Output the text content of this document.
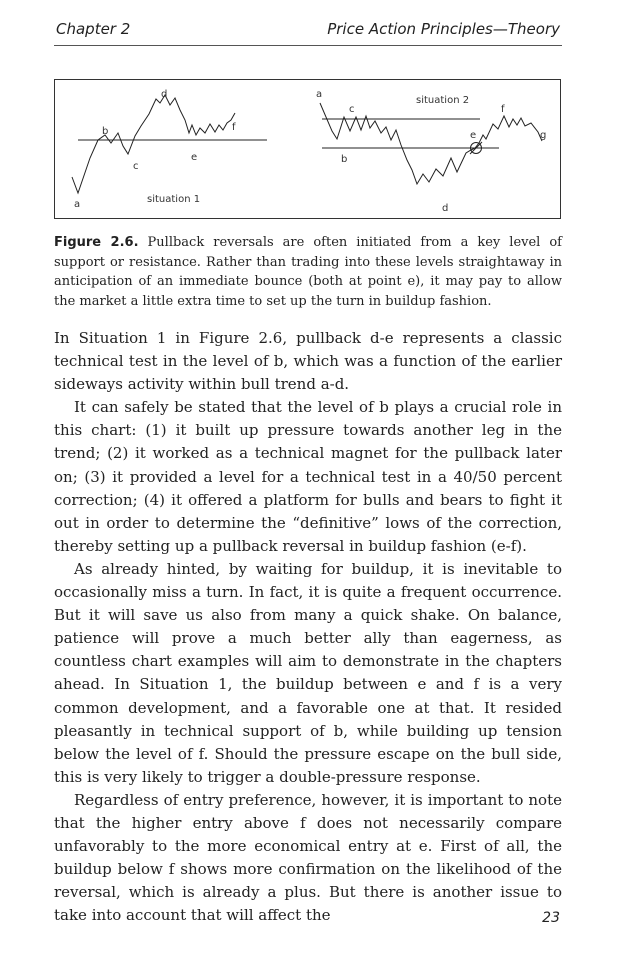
Chapter 2	Price Action Principles—Theory
a
b
c
d
e
f
situation 1
a
b
c
d
e
f
g
situation 2
Figure 2.6. Pullback reversals are often initiated from a key level of support or resistance. Rather than trading into these levels straightaway in anticipation of an immediate bounce (both at point e), it may pay to allow the market a little extra time to set up the turn in buildup fashion.

In Situation 1 in Figure 2.6, pullback d-e represents a classic technical test in the level of b, which was a function of the earlier sideways activity within bull trend a-d.

It can safely be stated that the level of b plays a crucial role in this chart: (1) it built up pressure towards another leg in the trend; (2) it worked as a technical magnet for the pullback later on; (3) it provided a level for a technical test in a 40/50 percent correction; (4) it offered a platform for bulls and bears to fight it out in order to determine the “definitive” lows of the correction, thereby setting up a pullback reversal in buildup fashion (e-f).

As already hinted, by waiting for buildup, it is inevitable to occasionally miss a turn. In fact, it is quite a frequent occurrence. But it will save us also from many a quick shake. On balance, patience will prove a much better ally than eagerness, as countless chart examples will aim to demonstrate in the chapters ahead. In Situation 1, the buildup between e and f is a very common development, and a favorable one at that. It resided pleasantly in technical support of b, while building up tension below the level of f. Should the pressure escape on the bull side, this is very likely to trigger a double-pressure response.

Regardless of entry preference, however, it is important to note that the higher entry above f does not necessarily compare unfavorably to the more economical entry at e. First of all, the buildup below f shows more confirmation on the likelihood of the reversal, which is already a plus. But there is another issue to take into account that will affect the	23
